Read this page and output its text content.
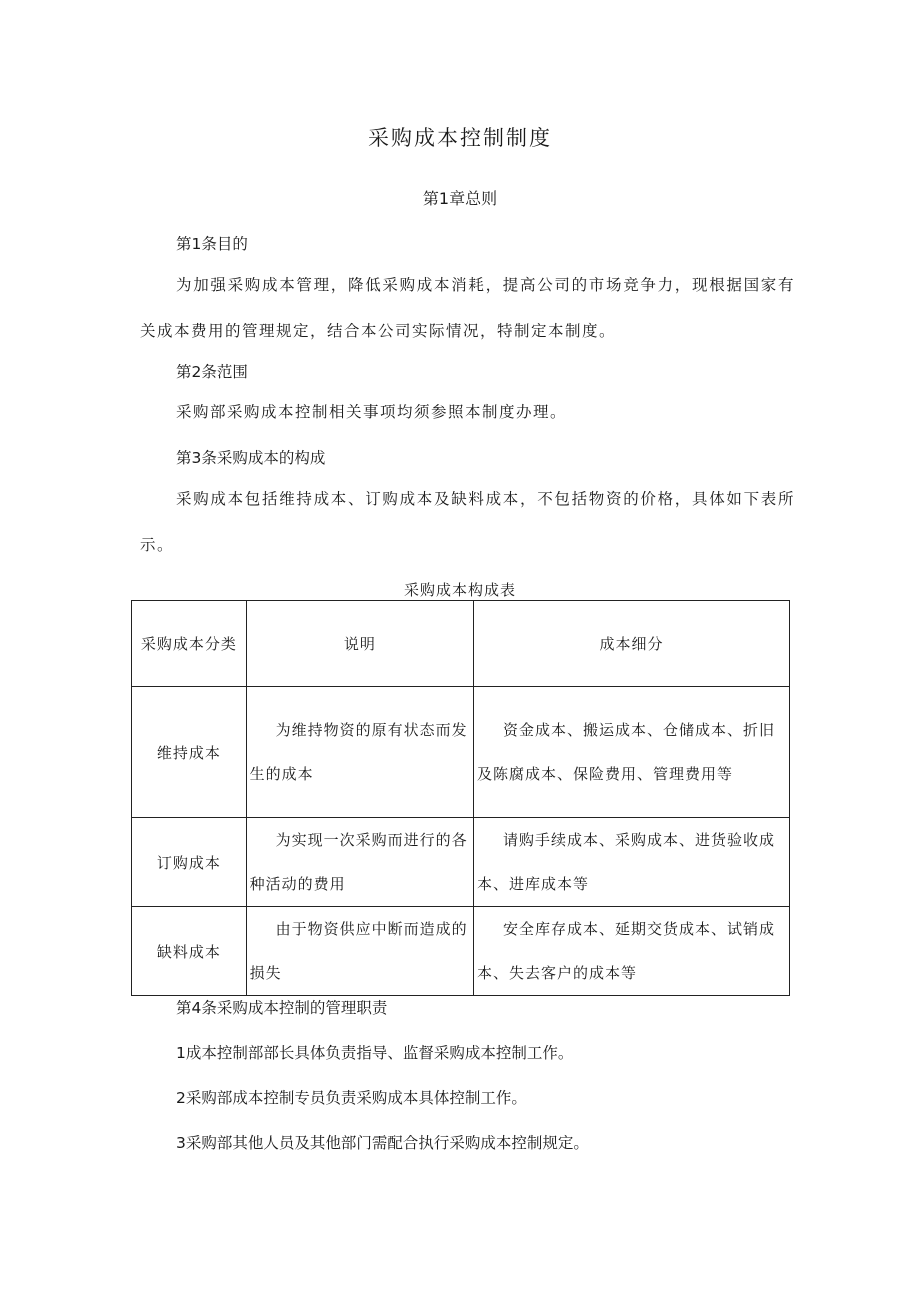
采购成本控制制度
第1章总则
第1条目的

为加强采购成本管理，降低采购成本消耗，提高公司的市场竞争力，现根据国家有关成本费用的管理规定，结合本公司实际情况，特制定本制度。

第2条范围

采购部采购成本控制相关事项均须参照本制度办理。

第3条采购成本的构成

采购成本包括维持成本、订购成本及缺料成本，不包括物资的价格，具体如下表所示。

采购成本构成表
采购成本分类	说明	成本细分
维持成本	为维持物资的原有状态而发生的成本	资金成本、搬运成本、仓储成本、折旧及陈腐成本、保险费用、管理费用等

订购成本	为实现一次采购而进行的各种活动的费用	请购手续成本、采购成本、进货验收成本、进库成本等

缺料成本	由于物资供应中断而造成的损失	安全库存成本、延期交货成本、试销成本、失去客户的成本等
第4条采购成本控制的管理职责
1成本控制部部长具体负责指导、监督采购成本控制工作。
2采购部成本控制专员负责采购成本具体控制工作。
3采购部其他人员及其他部门需配合执行采购成本控制规定。
